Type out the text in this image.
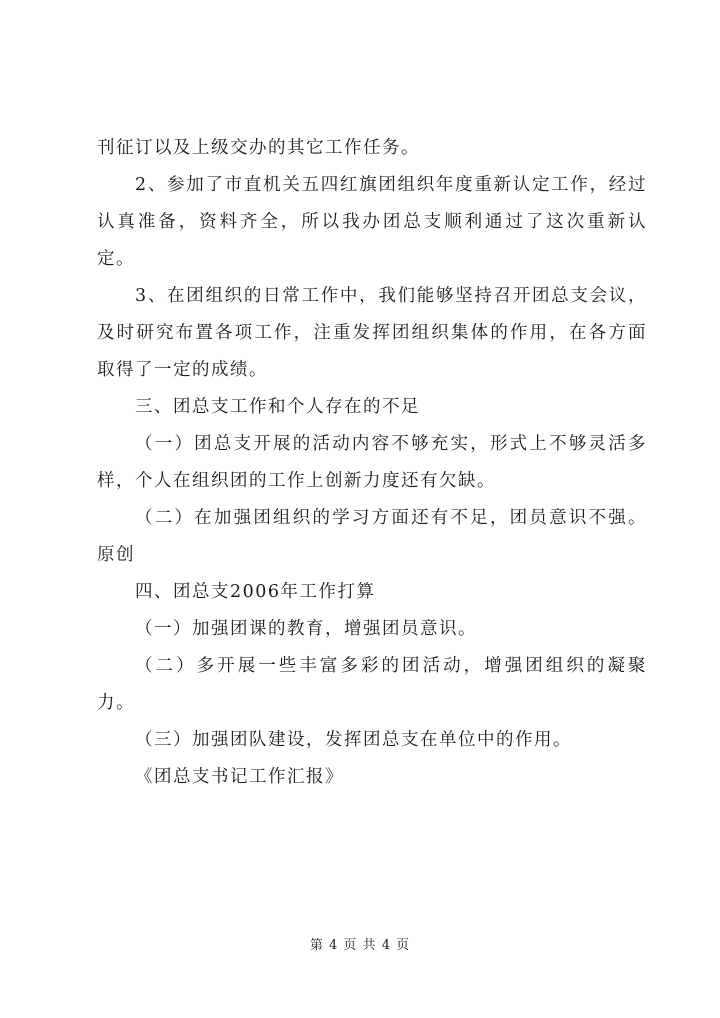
刊征订以及上级交办的其它工作任务。

2、参加了市直机关五四红旗团组织年度重新认定工作，经过认真准备，资料齐全，所以我办团总支顺利通过了这次重新认定。

3、在团组织的日常工作中，我们能够坚持召开团总支会议，及时研究布置各项工作，注重发挥团组织集体的作用，在各方面取得了一定的成绩。

三、团总支工作和个人存在的不足

（一）团总支开展的活动内容不够充实，形式上不够灵活多样，个人在组织团的工作上创新力度还有欠缺。

（二）在加强团组织的学习方面还有不足，团员意识不强。原创

四、团总支2006年工作打算

（一）加强团课的教育，增强团员意识。

（二）多开展一些丰富多彩的团活动，增强团组织的凝聚力。

（三）加强团队建设，发挥团总支在单位中的作用。

《团总支书记工作汇报》

第 4 页 共 4 页
